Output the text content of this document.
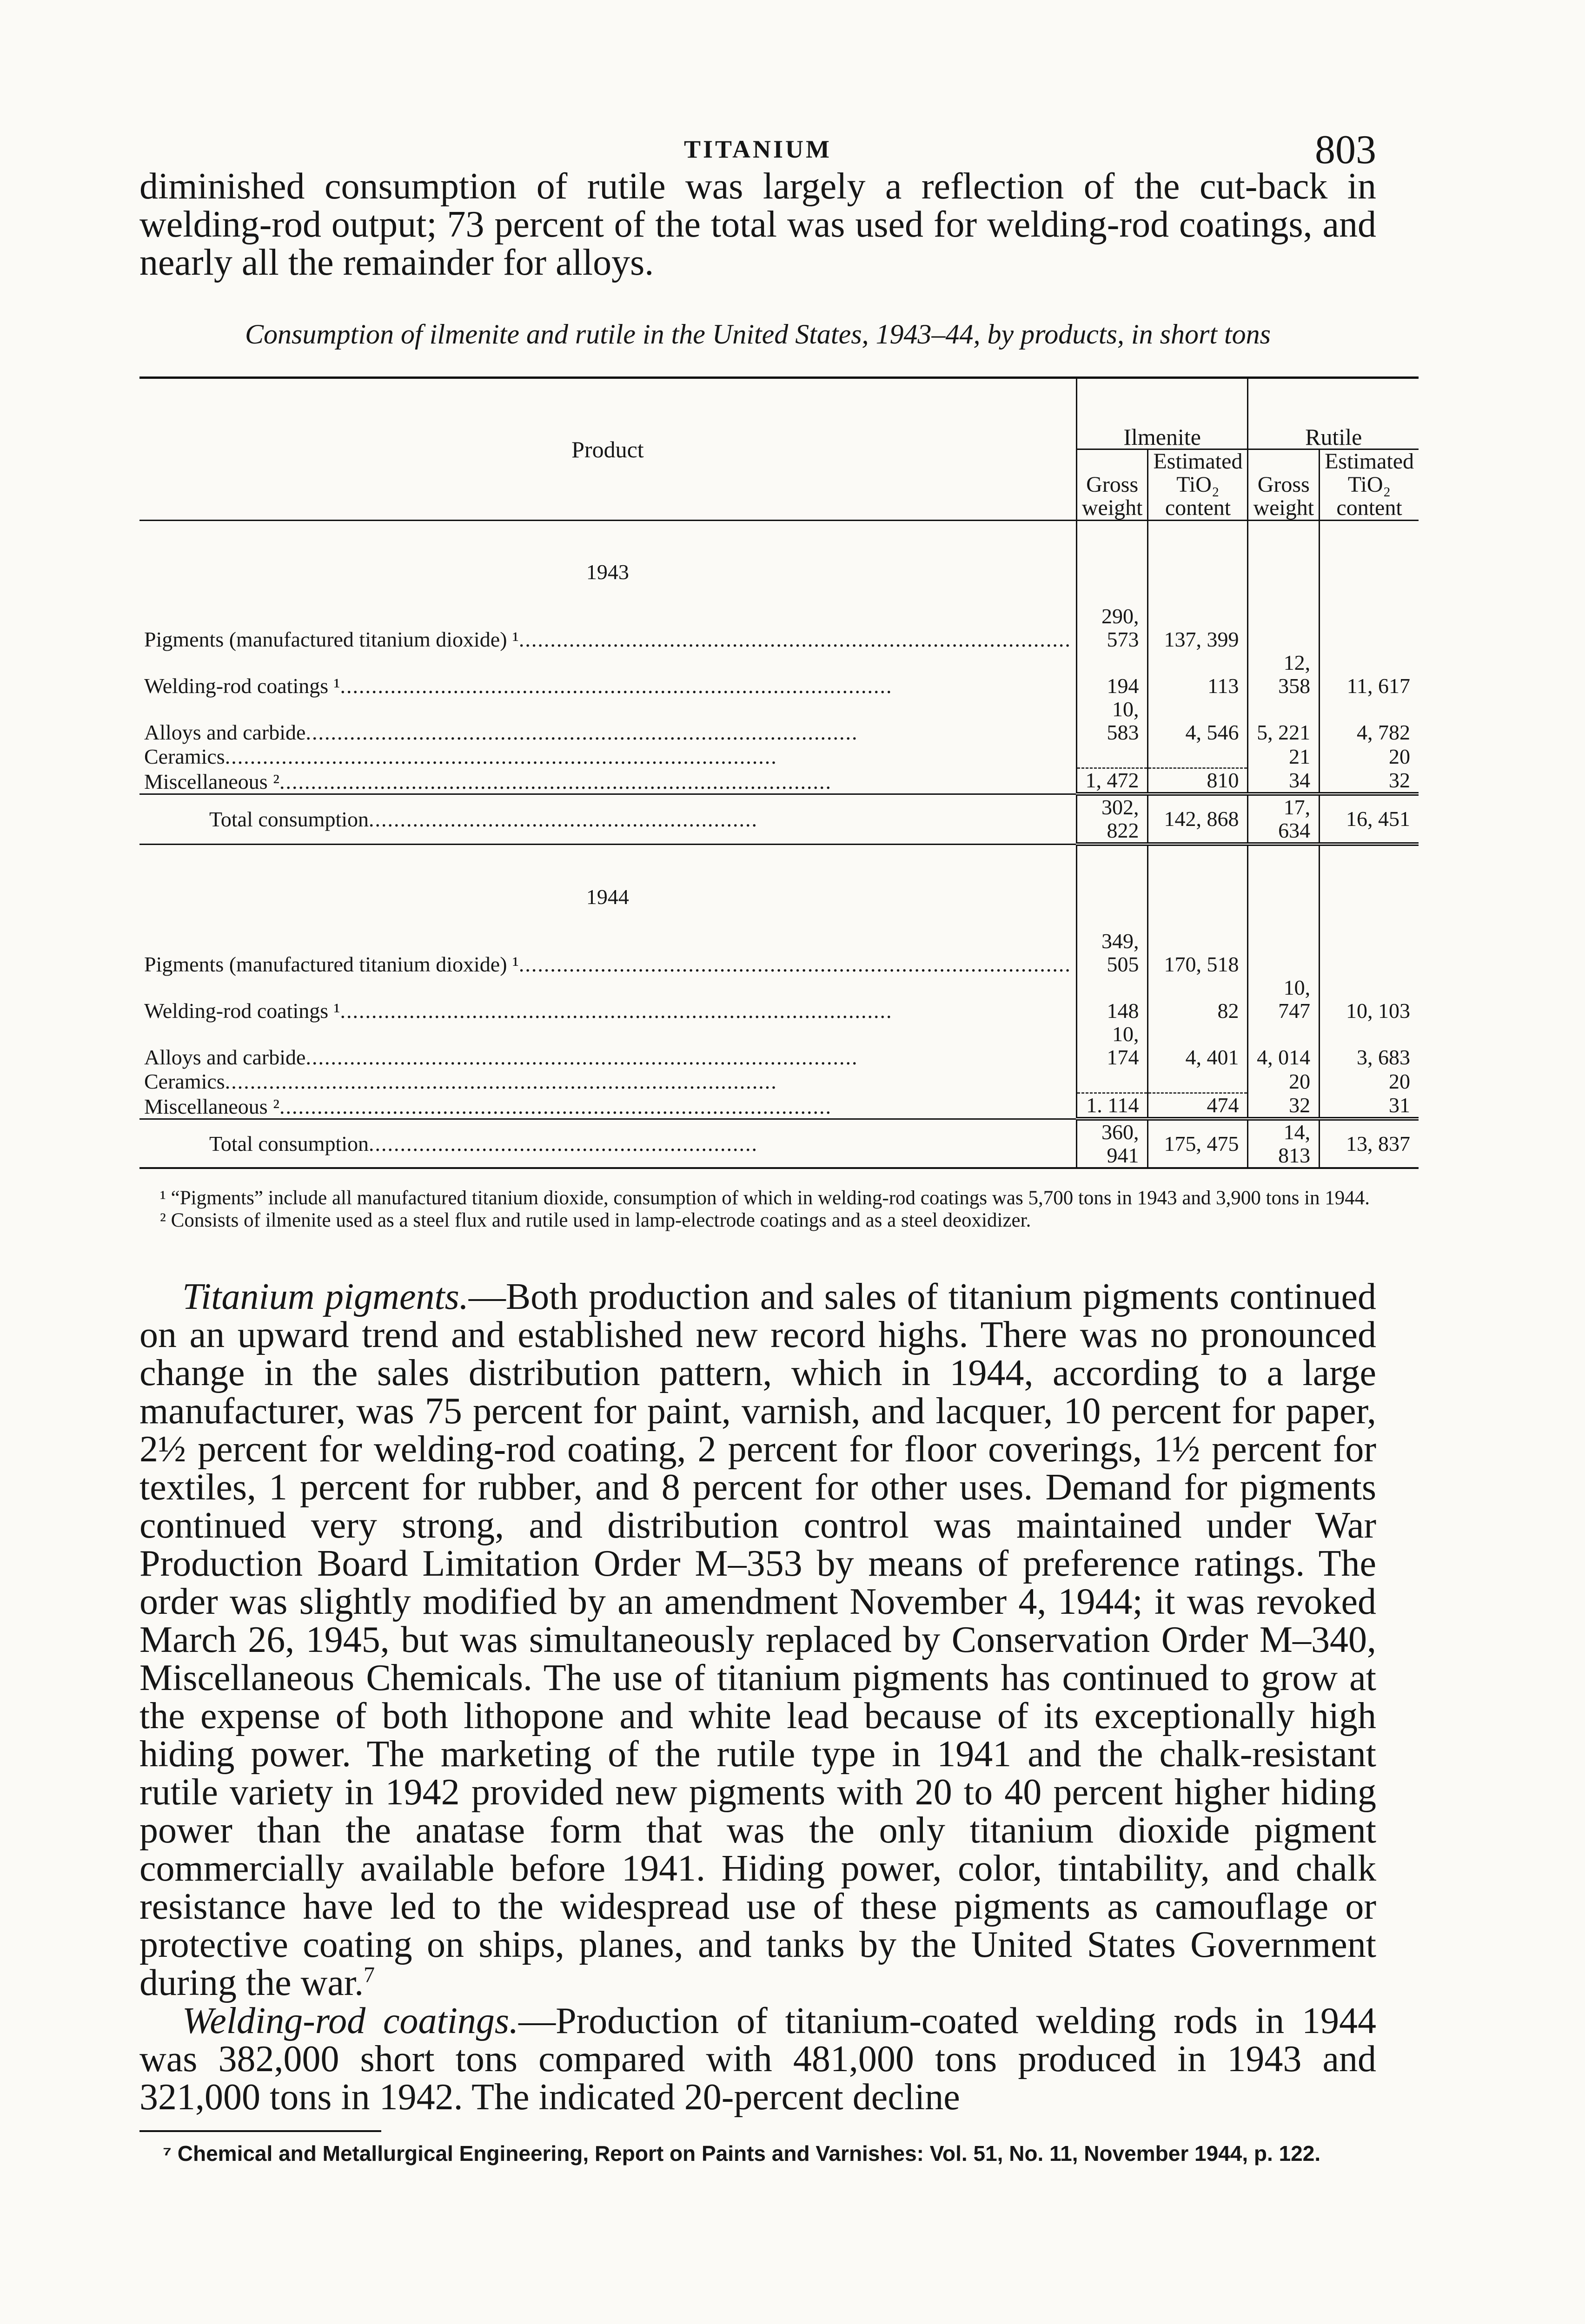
TITANIUM	803

diminished consumption of rutile was largely a reflection of the cut-back in welding-rod output; 73 percent of the total was used for welding-rod coatings, and nearly all the remainder for alloys.

Consumption of ilmenite and rutile in the United States, 1943–44, by products, in short tons
Product	Ilmenite		Rutile	
	Gross weight	Estimated TiO₂ content	Gross weight	Estimated TiO₂ content

1943				
Pigments (manufactured titanium dioxide) ¹........................................................................................	290, 573	137, 399		
Welding-rod coatings ¹........................................................................................	194	113	12, 358	11, 617
Alloys and carbide........................................................................................	10, 583	4, 546	5, 221	4, 782
Ceramics........................................................................................			21	20
Miscellaneous ²........................................................................................	1, 472	810	34	32

Total consumption..............................................................	302, 822	142, 868	17, 634	16, 451

1944				
Pigments (manufactured titanium dioxide) ¹........................................................................................	349, 505	170, 518		
Welding-rod coatings ¹........................................................................................	148	82	10, 747	10, 103
Alloys and carbide........................................................................................	10, 174	4, 401	4, 014	3, 683
Ceramics........................................................................................			20	20
Miscellaneous ²........................................................................................	1. 114	474	32	31

Total consumption..............................................................	360, 941	175, 475	14, 813	13, 837
¹ “Pigments” include all manufactured titanium dioxide, consumption of which in welding-rod coatings was 5,700 tons in 1943 and 3,900 tons in 1944.
² Consists of ilmenite used as a steel flux and rutile used in lamp-electrode coatings and as a steel deoxidizer.

Titanium pigments.—Both production and sales of titanium pigments continued on an upward trend and established new record highs. There was no pronounced change in the sales distribution pattern, which in 1944, according to a large manufacturer, was 75 percent for paint, varnish, and lacquer, 10 percent for paper, 2½ percent for welding-rod coating, 2 percent for floor coverings, 1½ percent for textiles, 1 percent for rubber, and 8 percent for other uses. Demand for pigments continued very strong, and distribution control was maintained under War Production Board Limitation Order M–353 by means of preference ratings. The order was slightly modified by an amendment November 4, 1944; it was revoked March 26, 1945, but was simultaneously replaced by Conservation Order M–340, Miscellaneous Chemicals. The use of titanium pigments has continued to grow at the expense of both lithopone and white lead because of its exceptionally high hiding power. The marketing of the rutile type in 1941 and the chalk-resistant rutile variety in 1942 provided new pigments with 20 to 40 percent higher hiding power than the anatase form that was the only titanium dioxide pigment commercially available before 1941. Hiding power, color, tintability, and chalk resistance have led to the widespread use of these pigments as camouflage or protective coating on ships, planes, and tanks by the United States Government during the war.$^7$

Welding-rod coatings.—Production of titanium-coated welding rods in 1944 was 382,000 short tons compared with 481,000 tons produced in 1943 and 321,000 tons in 1942. The indicated 20-percent decline

⁷ Chemical and Metallurgical Engineering, Report on Paints and Varnishes: Vol. 51, No. 11, November 1944, p. 122.
